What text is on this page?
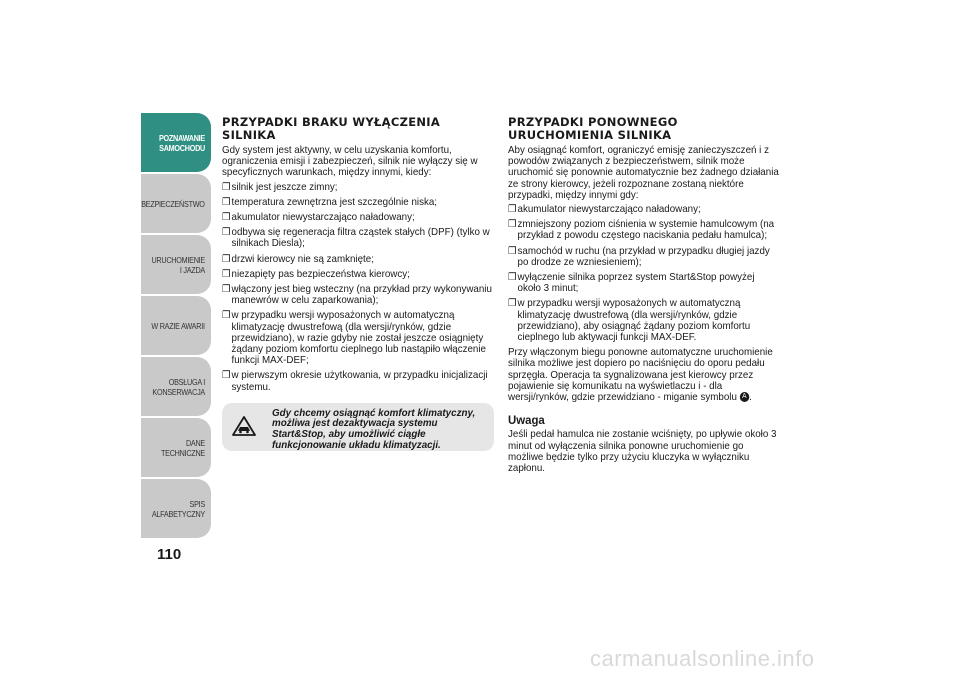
POZNAWANIE SAMOCHODU
BEZPIECZEŃSTWO
URUCHOMIENIE I JAZDA
W RAZIE AWARII
OBSŁUGA I KONSERWACJA
DANE TECHNICZNE
SPIS ALFABETYCZNY
110
PRZYPADKI BRAKU WYŁĄCZENIA SILNIKA

Gdy system jest aktywny, w celu uzyskania komfortu, ograniczenia emisji i zabezpieczeń, silnik nie wyłączy się w specyficznych warunkach, między innymi, kiedy:

❒ silnik jest jeszcze zimny;
❒ temperatura zewnętrzna jest szczególnie niska;
❒ akumulator niewystarczająco naładowany;
❒ odbywa się regeneracja filtra cząstek stałych (DPF) (tylko w silnikach Diesla);
❒ drzwi kierowcy nie są zamknięte;
❒ niezapięty pas bezpieczeństwa kierowcy;
❒ włączony jest bieg wsteczny (na przykład przy wykonywaniu manewrów w celu zaparkowania);
❒ w przypadku wersji wyposażonych w automatyczną klimatyzację dwustrefową (dla wersji/rynków, gdzie przewidziano), w razie gdyby nie został jeszcze osiągnięty żądany poziom komfortu cieplnego lub nastąpiło włączenie funkcji MAX-DEF;
❒ w pierwszym okresie użytkowania, w przypadku inicjalizacji systemu.
Gdy chcemy osiągnąć komfort klimatyczny, możliwa jest dezaktywacja systemu Start&Stop, aby umożliwić ciągłe funkcjonowanie układu klimatyzacji.
PRZYPADKI PONOWNEGO URUCHOMIENIA SILNIKA

Aby osiągnąć komfort, ograniczyć emisję zanieczyszczeń i z powodów związanych z bezpieczeństwem, silnik może uruchomić się ponownie automatycznie bez żadnego działania ze strony kierowcy, jeżeli rozpoznane zostaną niektóre przypadki, między innymi gdy:

❒ akumulator niewystarczająco naładowany;
❒ zmniejszony poziom ciśnienia w systemie hamulcowym (na przykład z powodu częstego naciskania pedału hamulca);
❒ samochód w ruchu (na przykład w przypadku długiej jazdy po drodze ze wzniesieniem);
❒ wyłączenie silnika poprzez system Start&Stop powyżej około 3 minut;
❒ w przypadku wersji wyposażonych w automatyczną klimatyzację dwustrefową (dla wersji/rynków, gdzie przewidziano), aby osiągnąć żądany poziom komfortu cieplnego lub aktywacji funkcji MAX-DEF.

Przy włączonym biegu ponowne automatyczne uruchomienie silnika możliwe jest dopiero po naciśnięciu do oporu pedału sprzęgła. Operacja ta sygnalizowana jest kierowcy przez pojawienie się komunikatu na wyświetlaczu i - dla wersji/rynków, gdzie przewidziano - miganie symbolu A .

Uwaga

Jeśli pedał hamulca nie zostanie wciśnięty, po upływie około 3 minut od wyłączenia silnika ponowne uruchomienie go możliwe będzie tylko przy użyciu kluczyka w wyłączniku zapłonu.

carmanualsonline.info
